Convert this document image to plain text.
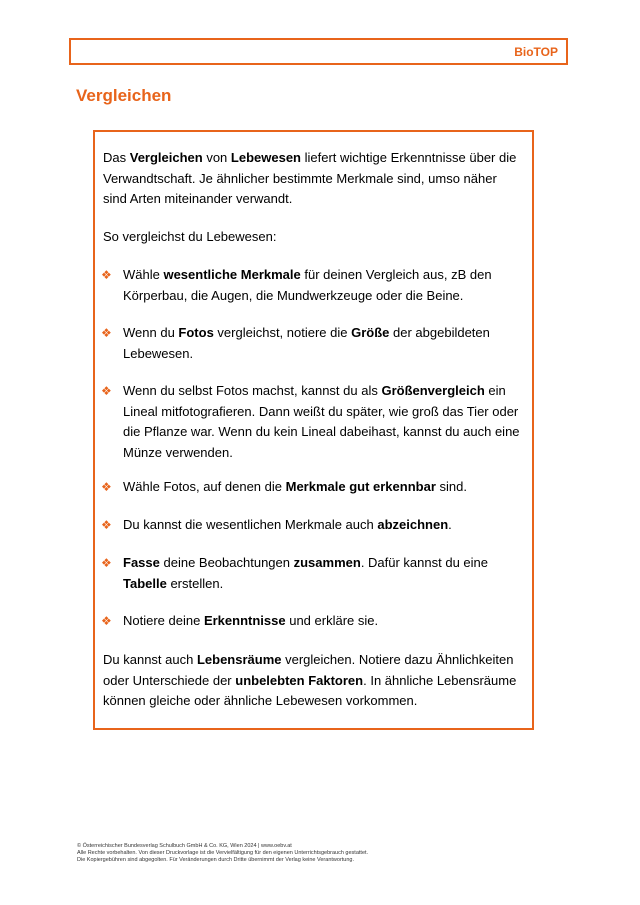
BioTOP
Vergleichen

Das Vergleichen von Lebewesen liefert wichtige Erkenntnisse über die Verwandtschaft. Je ähnlicher bestimmte Merkmale sind, umso näher sind Arten miteinander verwandt.

So vergleichst du Lebewesen:

❖ Wähle wesentliche Merkmale für deinen Vergleich aus, zB den Körperbau, die Augen, die Mundwerkzeuge oder die Beine.
❖ Wenn du Fotos vergleichst, notiere die Größe der abgebildeten Lebewesen.
❖ Wenn du selbst Fotos machst, kannst du als Größenvergleich ein Lineal mitfotografieren. Dann weißt du später, wie groß das Tier oder die Pflanze war. Wenn du kein Lineal dabeihast, kannst du auch eine Münze verwenden.
❖ Wähle Fotos, auf denen die Merkmale gut erkennbar sind.
❖ Du kannst die wesentlichen Merkmale auch abzeichnen.
❖ Fasse deine Beobachtungen zusammen. Dafür kannst du eine Tabelle erstellen.
❖ Notiere deine Erkenntnisse und erkläre sie.

Du kannst auch Lebensräume vergleichen. Notiere dazu Ähnlichkeiten oder Unterschiede der unbelebten Faktoren. In ähnliche Lebensräume können gleiche oder ähnliche Lebewesen vorkommen.

© Österreichischer Bundesverlag Schulbuch GmbH & Co. KG, Wien 2024 | www.oebv.at
Alle Rechte vorbehalten. Von dieser Druckvorlage ist die Vervielfältigung für den eigenen Unterrichtsgebrauch gestattet.
Die Kopiergebühren sind abgegolten. Für Veränderungen durch Dritte übernimmt der Verlag keine Verantwortung.
